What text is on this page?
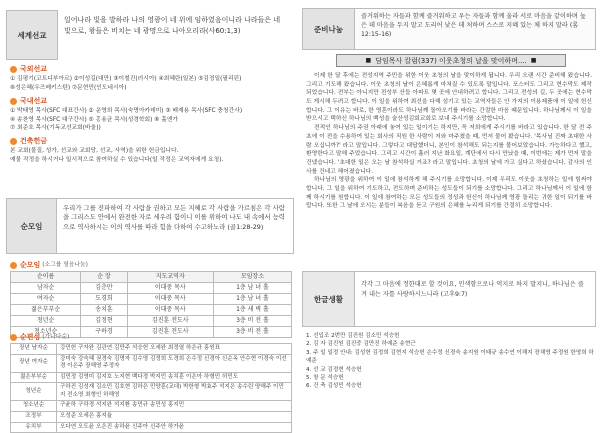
세계선교
일어나라 빛을 발하라 나의 영광이 네 위에 임하였음이니라 나라들은 네 빛으로, 왕들은 비치는 네 광명으로 나아오리라(사60:1,3)
국외선교
① 김평기(코트디부아르) ②이성길(대만) ③이철진(러시아) ④최혜란(일본) ⑤김정일(필리핀)
⑥성은혜(우즈베키스탄) ⑦문현민(인도네시아)
국내선교
① 박태영 목사(SFC 대표간사) ② 운영희 목사(숙명아카데미) ③ 배재용 목사(SFC 충청간사)
④ 송찬영 목사(SFC 대구간사) ⑤ 홍용균 목사(성경학회) ⑥ 홀엔가
⑦ 최준호 목사(기독교선교회(바울))
건축헌금
본 교회(물질, 성가, 선교와 교회당, 선교, 사역)을 위한 헌금입니다.
예물 작정을 하시거나 일시적으로 참여하실 수 있습니다(일 작정은 교역자에게 요청).
순모임
우리가 그를 전파하여 각 사람을 권하고 모든 지혜로 각 사람을 가르침은 각 사람을 그리스도 안에서 완전한 자로 세우려 함이니 이를 위하여 나도 내 속에서 능력으로 역사하시는 이의 역사를 따라 힘을 다하여 수고하노라 (골1:28-29)
순모임 (소그룹 열음나눔)
순이름	순 장	지도교역자	모임장소
남자순	김춘만	이대중 목사	1층 남 녀 홀
여자순	도경희	이대중 목사	1층 남 녀 홀
젊은부부순	송치훈	이대중 목사	1층 새 벽 홀
청년순	김정현	김진훈 전도사	3층 비 전 홀
청소년순	구하경	김진훈 전도사	3층 비 전 홀
순편성 (가나다순)
장년 남자순	강민헌 구자완 김관연 김만주 석승헌 오세완 최정열 하은규 홍원표
장년 여자순	강미숙 강숙혜 권경숙 김명자 김수영 김정희 도경희 손수정 신경아 신순옥 안수현 이경숙 이선경 이은주 장해영 주정자
젊은부부순	김민정 김영미 김지호 노지현 백다경 박지민 송치훈 이은아 하형민 허민도
청년순	구하진 김성재 김소민 김호현 김하은 민양훈(교대) 박한형 박효주 석지은 송수린 양해주 이민지 전소영 최형인 하해영
청소년순	구윤하 구하경 석지완 석지환 송민규 송민성 홍지민
조정부	오성준 오세은 홍지율
유치부	오다연 오도윤 오은진 송하윤 신주아 신주안 하가윤
준비나눔
즐거워하는 자들과 함께 즐거워하고 우는 자들과 함께 울라 서로 마음을 같이하며 높은 데 마음을 두지 말고 도리어 낮은 데 처하며 스스로 지혜 있는 체 하지 말라 (롬12:15-16)
■ 담임목사 칼럼(337) 이웃초청의 날을 맞이하며.... ■

이제 한 달 후에는 전성지역 주민을 위한 이웃 초청의 날을 맞이하게 됩니다. 우리 오랜 시간 준비해 왔습니다. 그리고 기도해 왔습니다. 이웃 초청의 날이 은혜롭게 마쳐질 수 있도록 말입니다. 포스터도 그리고 현수막도 제작되었습니다. 전부는 아니지만 전성부 산들 아파트 몇 곳에 안내하려고 합니다. 그리고 전성의 길, 두 곳에는 현수막도 게시해 두려고 합니다. 이 일을 위하여 최선을 다해 섬기고 있는 교역자들은 안 가지의 이용제품에 이 일에 헌신합니다. 그 이유는 바로, 한 영혼이라도 하나님께 돌아오기를 바라는 간절한 마음 때문입니다. 하나님께서 이 일을 받으시고 택하신 하나님의 백성을 술산성김회교회로 보내 주시기를 소망합니다.

전적인 하나님의 주권 아래에 놓여 있는 일이기는 하지만, 꼭 저희에게 주시기를 바라고 있습니다. 한 달 전 주초에 이 전을 수용하여 있는 회사의 직원 한 사람이 저와 마주쳤을 때, 먼저 물어 봤습니다. '목사님 진짜 초대한 사람 오십니까?' 라고 말입니다. 그렇다고 대답했더니, 본인이 참석해도 되는지를 물어보았습니다. 가능하다고 했고, 환영한다고 말해 주었습니다. 그리고 시간이 흘러 지난 화요일, 계단에서 다시 만났을 때, 이번에는 제가 먼저 말을 건넸습니다. '초대한 일은 오는 날 참석하실 거죠? 라고 말입니다. 초청의 날에 가고 싶다고 하셨습니다. 감사의 인사를 건네고 헤어졌습니다.

하나님의 영광을 위하여 이 일에 참석하게 해 주시기를 소망합니다. 이제 우리도 이웃을 초청하는 일에 힘써야 합니다. 그 일을 위하여 기도하고, 전도하며 준비하는 성도들이 되기를 소망합니다. 그리고 하나님께서 이 일에 함께 하시기를 원합니다. 이 일에 참여하는 모든 성도들의 정성과 헌신이 하나님께 영광 돌리는 귀한 일이 되기를 바랍니다. 또한 그 날에 오시는 분들이 복음을 듣고 구원의 은혜를 누리게 되기를 간절히 소망합니다.

한글생활
각각 그 마음에 정한대로 할 것이요, 인색함으로나 억지로 하지 말지니, 하나님은 즐겨 내는 자를 사랑하시느니라 (고후9:7)
1. 선입조 2번만 김진원 김소민 석승헌
2. 김 자 김진원 김진중 김만진 하예준 송현근
3. 주 일 일정 안내: 김성헌 김정희 김현지 석승헌 손수정 신경숙 송지원 이태규 송수연 이해지 장채영 주정원 한영희 하예준
4. 선 교 김정현 석승헌
5. 창 문 석승헌
6. 건 축 김성민 석승헌
